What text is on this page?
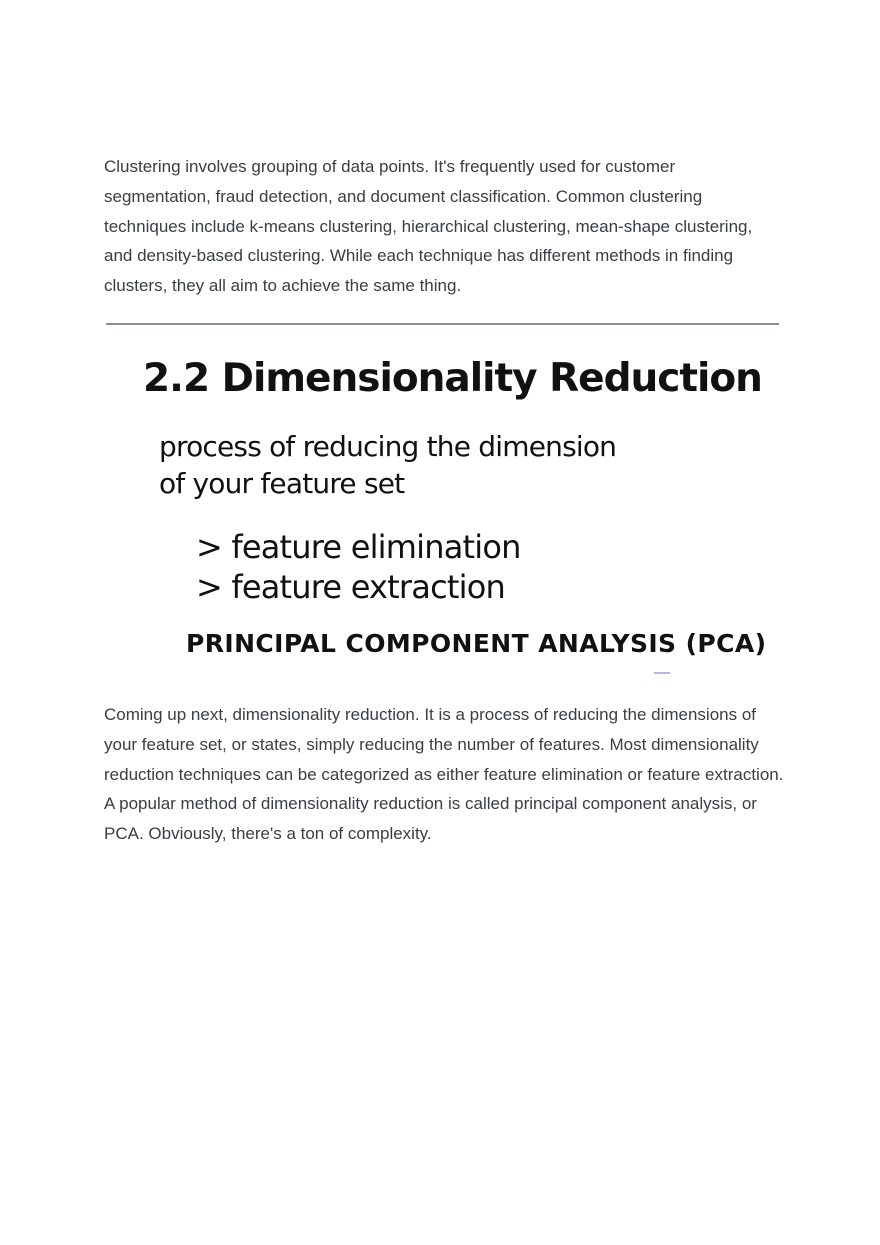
Clustering involves grouping of data points. It's frequently used for customer segmentation, fraud detection, and document classification. Common clustering techniques include k-means clustering, hierarchical clustering, mean-shape clustering, and density-based clustering. While each technique has different methods in finding clusters, they all aim to achieve the same thing.

2.2 Dimensionality Reduction

process of reducing the dimension

of your feature set

> feature elimination

> feature extraction

PRINCIPAL COMPONENT ANALYSIS (PCA)

Coming up next, dimensionality reduction. It is a process of reducing the dimensions of your feature set, or states, simply reducing the number of features. Most dimensionality reduction techniques can be categorized as either feature elimination or feature extraction. A popular method of dimensionality reduction is called principal component analysis, or PCA. Obviously, there's a ton of complexity.
